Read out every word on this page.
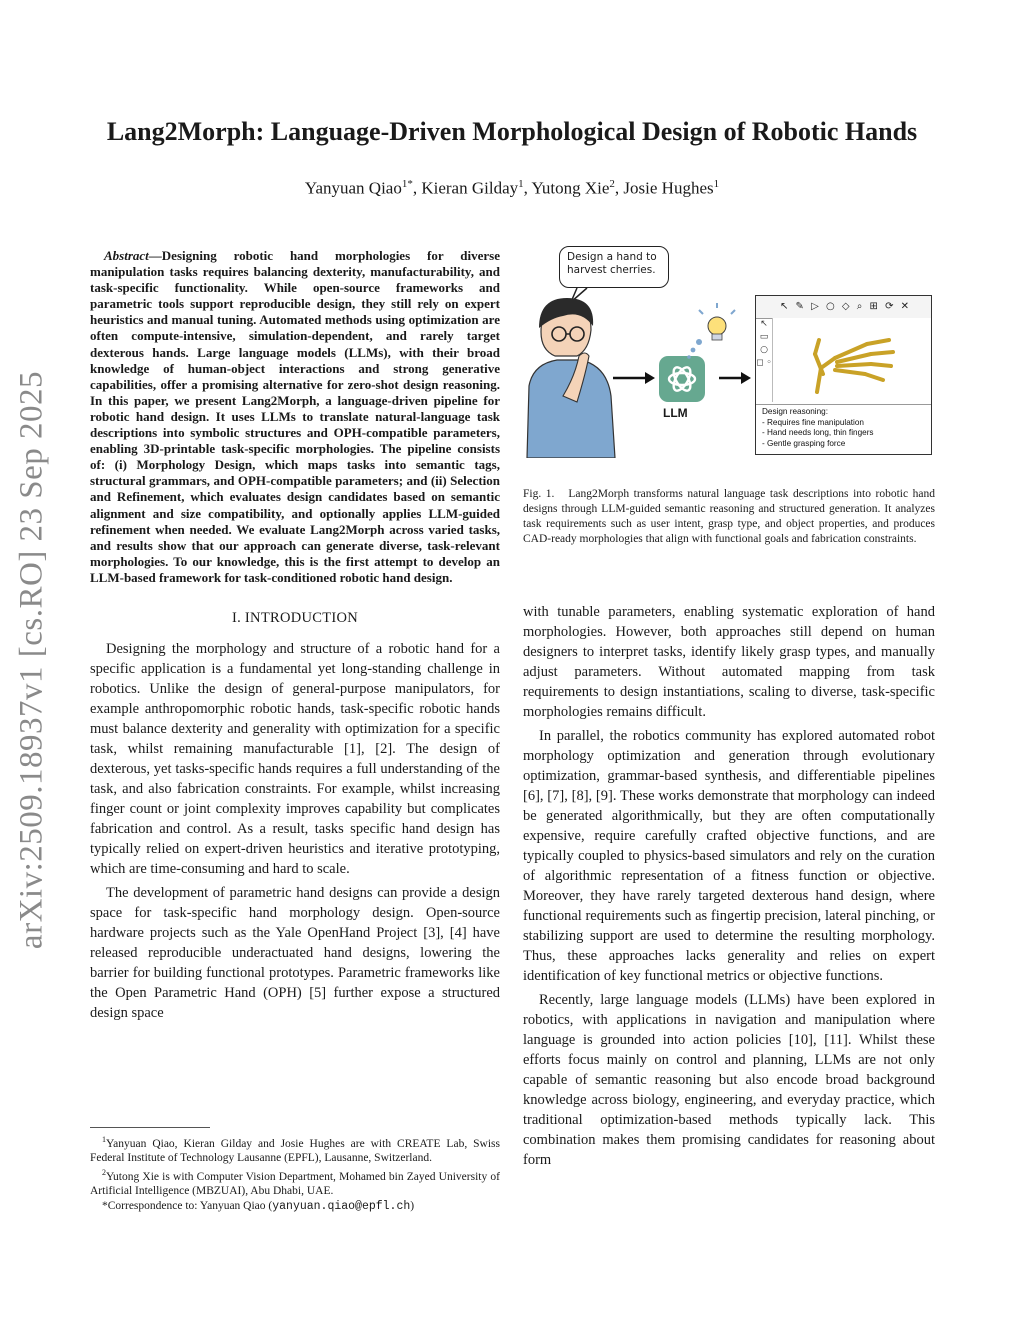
arXiv:2509.18937v1 [cs.RO] 23 Sep 2025
Lang2Morph: Language-Driven Morphological Design of Robotic Hands
Yanyuan Qiao$^{1*}$, Kieran Gilday$^1$, Yutong Xie$^2$, Josie Hughes$^1$

Abstract—Designing robotic hand morphologies for diverse manipulation tasks requires balancing dexterity, manufacturability, and task-specific functionality. While open-source frameworks and parametric tools support reproducible design, they still rely on expert heuristics and manual tuning. Automated methods using optimization are often compute-intensive, simulation-dependent, and rarely target dexterous hands. Large language models (LLMs), with their broad knowledge of human-object interactions and strong generative capabilities, offer a promising alternative for zero-shot design reasoning. In this paper, we present Lang2Morph, a language-driven pipeline for robotic hand design. It uses LLMs to translate natural-language task descriptions into symbolic structures and OPH-compatible parameters, enabling 3D-printable task-specific morphologies. The pipeline consists of: (i) Morphology Design, which maps tasks into semantic tags, structural grammars, and OPH-compatible parameters; and (ii) Selection and Refinement, which evaluates design candidates based on semantic alignment and size compatibility, and optionally applies LLM-guided refinement when needed. We evaluate Lang2Morph across varied tasks, and results show that our approach can generate diverse, task-relevant morphologies. To our knowledge, this is the first attempt to develop an LLM-based framework for task-conditioned robotic hand design.

I. INTRODUCTION

Designing the morphology and structure of a robotic hand for a specific application is a fundamental yet long-standing challenge in robotics. Unlike the design of general-purpose manipulators, for example anthropomorphic robotic hands, task-specific robotic hands must balance dexterity and generality with optimization for a specific task, whilst remaining manufacturable [1], [2]. The design of dexterous, yet tasks-specific hands requires a full understanding of the task, and also fabrication constraints. For example, whilst increasing finger count or joint complexity improves capability but complicates fabrication and control. As a result, tasks specific hand design has typically relied on expert-driven heuristics and iterative prototyping, which are time-consuming and hard to scale.

The development of parametric hand designs can provide a design space for task-specific hand morphology design. Open-source hardware projects such as the Yale OpenHand Project [3], [4] have released reproducible underactuated hand designs, lowering the barrier for building functional prototypes. Parametric frameworks like the Open Parametric Hand (OPH) [5] further expose a structured design space

$^1$Yanyuan Qiao, Kieran Gilday and Josie Hughes are with CREATE Lab, Swiss Federal Institute of Technology Lausanne (EPFL), Lausanne, Switzerland.

$^2$Yutong Xie is with Computer Vision Department, Mohamed bin Zayed University of Artificial Intelligence (MBZUAI), Abu Dhabi, UAE.

*Correspondence to: Yanyuan Qiao (yanyuan.qiao@epfl.ch)

Design a hand to harvest cherries.
LLM
↖ ✎ ▷ ○ ◇ ⌕ ⊞ ⟳ ✕
↖ ▭ ○ ◻ ◦
Design reasoning:
- Requires fine manipulation
- Hand needs long, thin fingers
- Gentle grasping force
Fig. 1. Lang2Morph transforms natural language task descriptions into robotic hand designs through LLM-guided semantic reasoning and structured generation. It analyzes task requirements such as user intent, grasp type, and object properties, and produces CAD-ready morphologies that align with functional goals and fabrication constraints.

with tunable parameters, enabling systematic exploration of hand morphologies. However, both approaches still depend on human designers to interpret tasks, identify likely grasp types, and manually adjust parameters. Without automated mapping from task requirements to design instantiations, scaling to diverse, task-specific morphologies remains difficult.

In parallel, the robotics community has explored automated robot morphology optimization and generation through evolutionary optimization, grammar-based synthesis, and differentiable pipelines [6], [7], [8], [9]. These works demonstrate that morphology can indeed be generated algorithmically, but they are often computationally expensive, require carefully crafted objective functions, and are typically coupled to physics-based simulators and rely on the curation of algorithmic representation of a fitness function or objective. Moreover, they have rarely targeted dexterous hand design, where functional requirements such as fingertip precision, lateral pinching, or stabilizing support are used to determine the resulting morphology. Thus, these approaches lacks generality and relies on expert identification of key functional metrics or objective functions.

Recently, large language models (LLMs) have been explored in robotics, with applications in navigation and manipulation where language is grounded into action policies [10], [11]. Whilst these efforts focus mainly on control and planning, LLMs are not only capable of semantic reasoning but also encode broad background knowledge across biology, engineering, and everyday practice, which traditional optimization-based methods typically lack. This combination makes them promising candidates for reasoning about form
